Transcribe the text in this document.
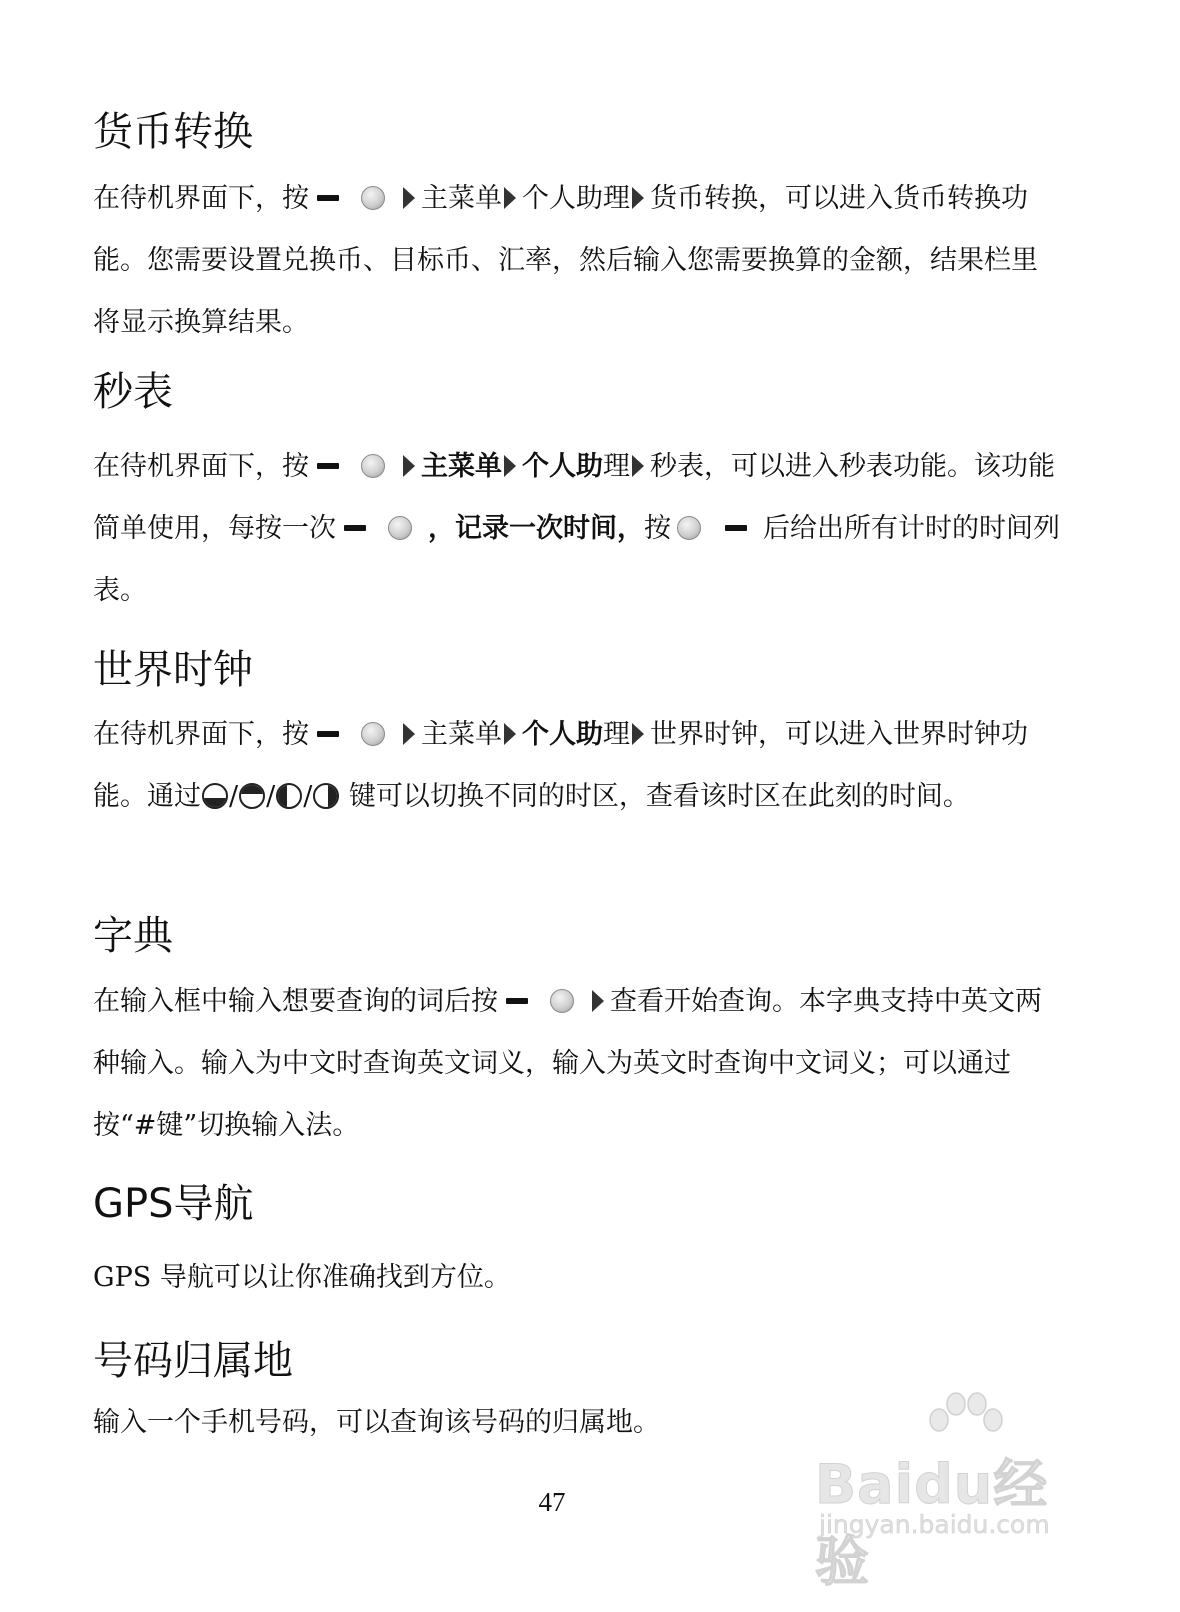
货币转换

在待机界面下，按	主菜单 个人助理 货币转换，可以进入货币转换功能。您需要设置兑换币、目标币、汇率，然后输入您需要换算的金额，结果栏里将显示换算结果。

秒表

在待机界面下，按	主菜单 个人助理 秒表，可以进入秒表功能。该功能简单使用，每按一次	，记录一次时间，按	后给出所有计时的时间列表。

世界时钟

在待机界面下，按	主菜单 个人助理 世界时钟，可以进入世界时钟功能。通过 / / / 键可以切换不同的时区，查看该时区在此刻的时间。

字典

在输入框中输入想要查询的词后按	查看开始查询。本字典支持中英文两种输入。输入为中文时查询英文词义，输入为英文时查询中文词义；可以通过按“#键”切换输入法。

GPS导航

GPS 导航可以让你准确找到方位。

号码归属地

输入一个手机号码，可以查询该号码的归属地。

47	Baidu经验
jingyan.baidu.com
